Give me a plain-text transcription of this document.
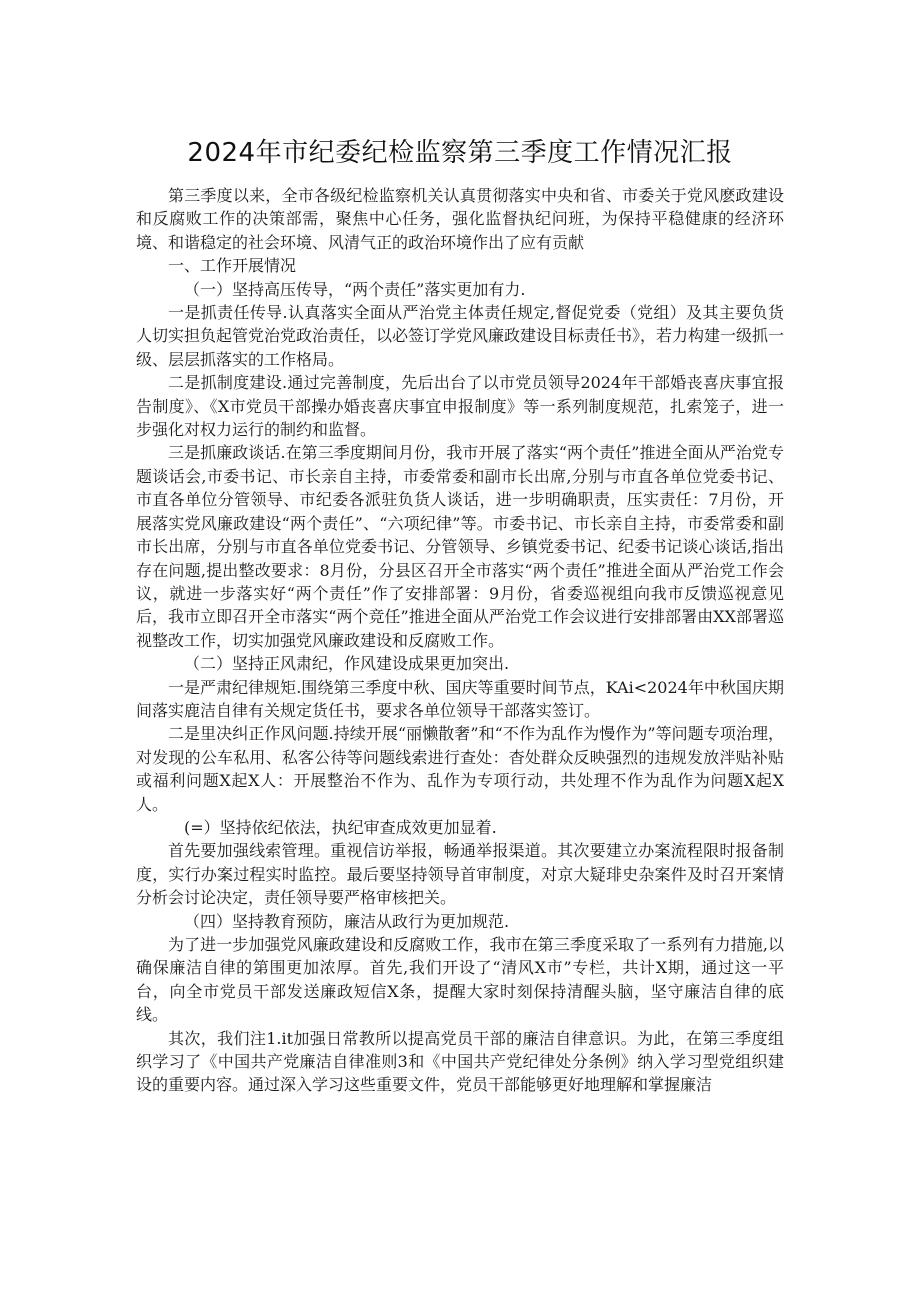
2024年市纪委纪检监察第三季度工作情况汇报

第三季度以来，全市各级纪检监察机关认真贯彻落实中央和省、市委关于党风麽政建设和反腐败工作的决策部需，聚焦中心任务，强化监督执纪问班，为保持平稳健康的经济环境、和谐稳定的社会环境、风清气正的政治环境作出了应有贡献

一、工作开展情况

（一）坚持高压传导，“两个责任”落实更加有力.

一是抓责任传导.认真落实全面从严治党主体责任规定,督促党委（党组）及其主要负货人切实担负起管党治党政治责任，以必签订学党风廉政建设目标责任书》，若力构建一级抓一级、层层抓落实的工作格局。

二是抓制度建设.通过完善制度，先后出台了以市党员领导2024年干部婚丧喜庆事宜报告制度》、《X市党员干部操办婚丧喜庆事宜申报制度》等一系列制度规范，扎索笼子，进一步强化对权力运行的制约和监督。

三是抓廉政谈话.在第三季度期间月份，我市开展了落实“两个责任”推进全面从严治党专题谈话会,市委书记、市长亲自主持，市委常委和副市长出席,分别与市直各单位党委书记、市直各单位分管领导、市纪委各派驻负货人谈话，进一步明确职责，压实责任：7月份，开展落实党风廉政建设“两个责任”、“六项纪律”等。市委书记、市长亲自主持，市委常委和副市长出席，分别与市直各单位党委书记、分管领导、乡镇党委书记、纪委书记谈心谈话,指出存在问题,提出整改要求：8月份，分县区召开全市落实“两个责任”推进全面从严治党工作会议，就进一步落实好“两个责任”作了安排部署：9月份，省委巡视组向我市反馈巡视意见后，我市立即召开全市落实“两个竞任”推进全面从严治党工作会议进行安排部署由XX部署巡视整改工作，切实加强党风廉政建设和反腐败工作。

（二）坚持正风肃纪，作风建设成果更加突出.

一是严肃纪律规矩.围绕第三季度中秋、国庆等重要时间节点，KAi<2024年中秋国庆期间落实鹿洁自律有关规定货任书，要求各单位领导干部落实签订。

二是里决纠正作风问题.持续开展“丽懒散奢”和“不作为乱作为慢作为”等问题专项治理，对发现的公车私用、私客公待等问题线索进行查处：杳处群众反映强烈的违规发放泮贴补贴或福利问题X起X人：开展整治不作为、乱作为专项行动，共处理不作为乱作为问题X起X人。

(=）坚持依纪依法，执纪审查成效更加显着.

首先要加强线索管理。重视信访举报，畅通举报渠道。其次要建立办案流程限时报备制度，实行办案过程实时监控。最后要坚持领导首审制度，对京大疑琲史杂案件及时召开案情分析会讨论决定，责任领导要严格审核把关。

（四）坚持教育预防，廉洁从政行为更加规范.

为了进一步加强党风廉政建设和反腐败工作，我市在第三季度采取了一系列有力措施,以确保廉洁自律的第围更加浓厚。首先,我们开设了“清风X市”专栏，共计X期，通过这一平台，向全市党员干部发送廉政短信X条，提醒大家时刻保持清醒头脑，坚守廉洁自律的底线。

其次，我们注1.it加强日常教所以提高党员干部的廉洁自律意识。为此，在第三季度组织学习了《中国共产党廉洁自律准则3和《中国共产党纪律处分条例》纳入学习型党组织建设的重要内容。通过深入学习这些重要文件，党员干部能够更好地理解和掌握廉洁
